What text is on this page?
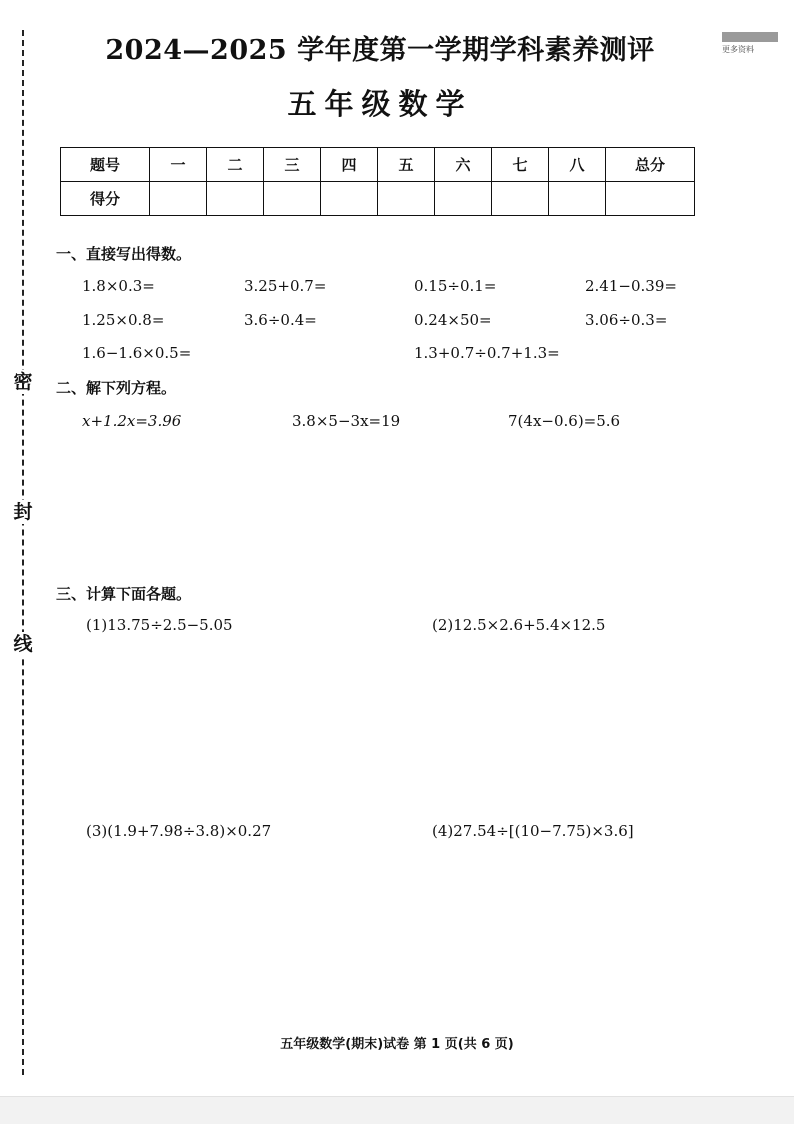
密
封
线
2024—2025 学年度第一学期学科素养测评
五年级数学
更多资料
题号	一	二	三	四	五	六	七	八	总分
得分									
一、直接写出得数。
1.8×0.3=	3.25+0.7=	0.15÷0.1=	2.41−0.39=
1.25×0.8=	3.6÷0.4=	0.24×50=	3.06÷0.3=
1.6−1.6×0.5=	1.3+0.7÷0.7+1.3=
二、解下列方程。
x+1.2x=3.96	3.8×5−3x=19	7(4x−0.6)=5.6
三、计算下面各题。
(1)13.75÷2.5−5.05	(2)12.5×2.6+5.4×12.5
(3)(1.9+7.98÷3.8)×0.27	(4)27.54÷[(10−7.75)×3.6]
五年级数学(期末)试卷 第 1 页(共 6 页)
